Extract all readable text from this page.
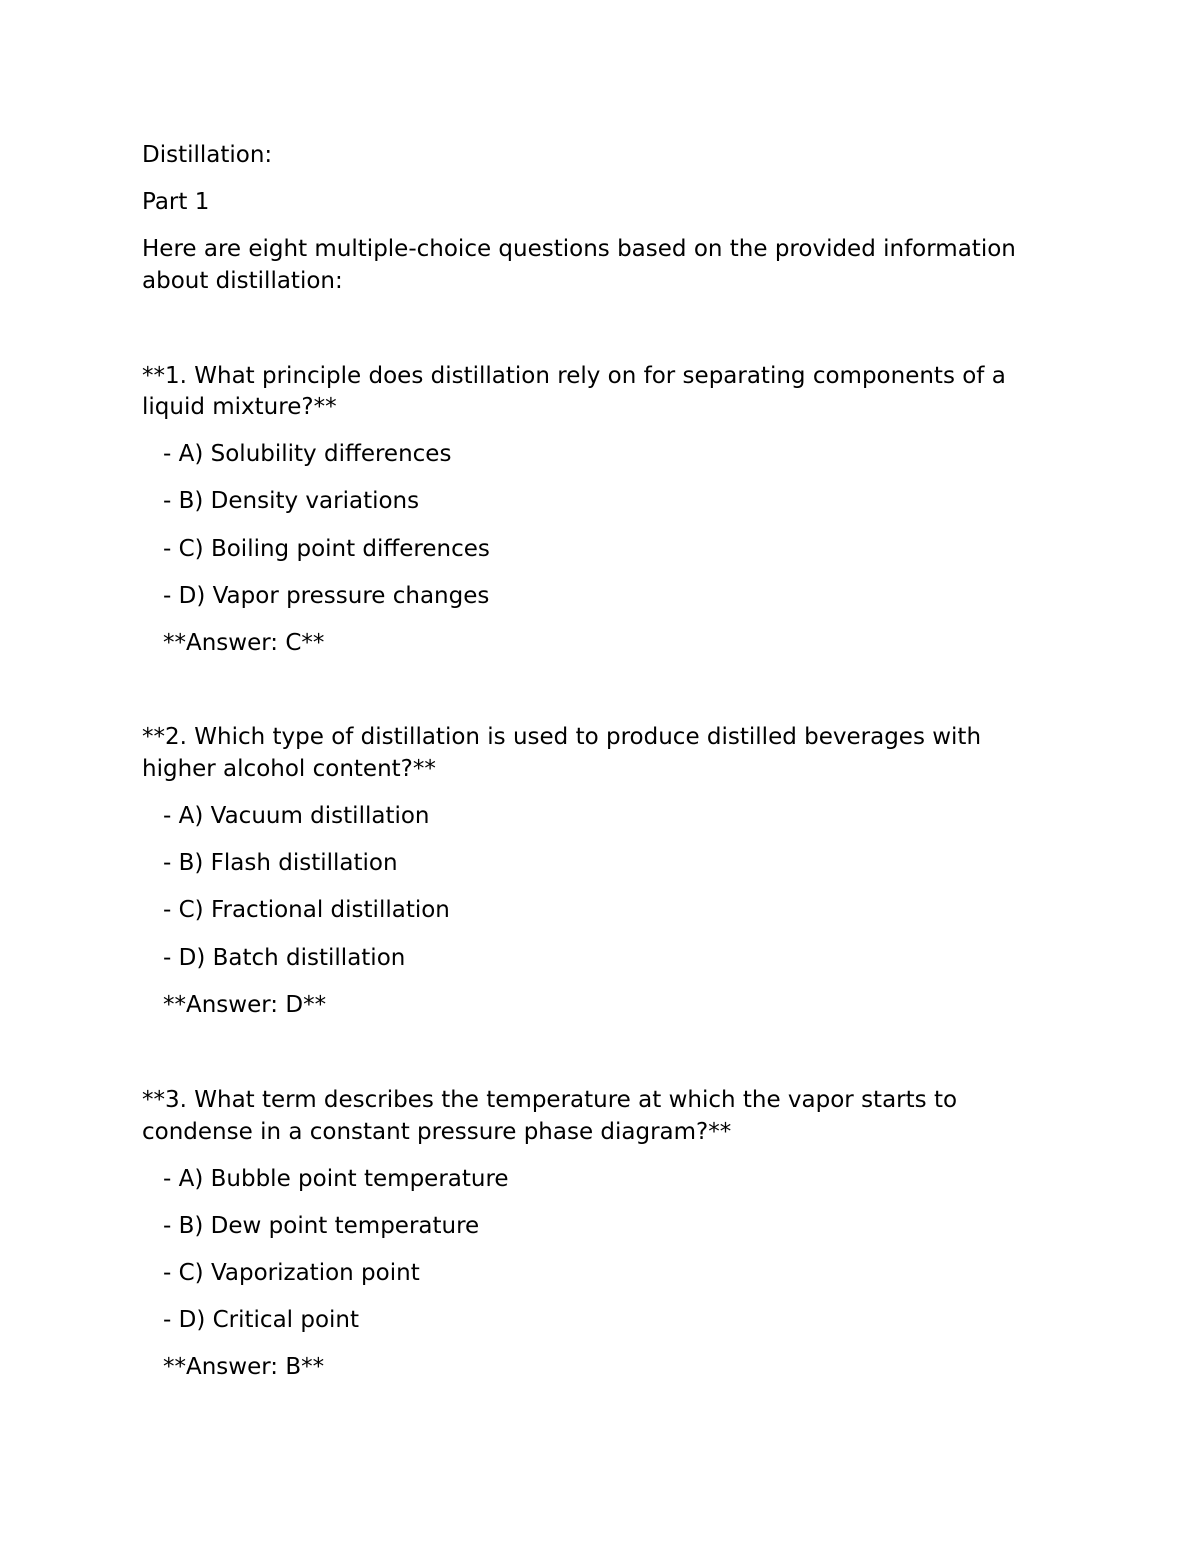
Distillation:
Part 1
Here are eight multiple-choice questions based on the provided information
about distillation:
**1. What principle does distillation rely on for separating components of a
liquid mixture?**
- A) Solubility differences
- B) Density variations
- C) Boiling point differences
- D) Vapor pressure changes
**Answer: C**
**2. Which type of distillation is used to produce distilled beverages with
higher alcohol content?**
- A) Vacuum distillation
- B) Flash distillation
- C) Fractional distillation
- D) Batch distillation
**Answer: D**
**3. What term describes the temperature at which the vapor starts to
condense in a constant pressure phase diagram?**
- A) Bubble point temperature
- B) Dew point temperature
- C) Vaporization point
- D) Critical point
**Answer: B**
